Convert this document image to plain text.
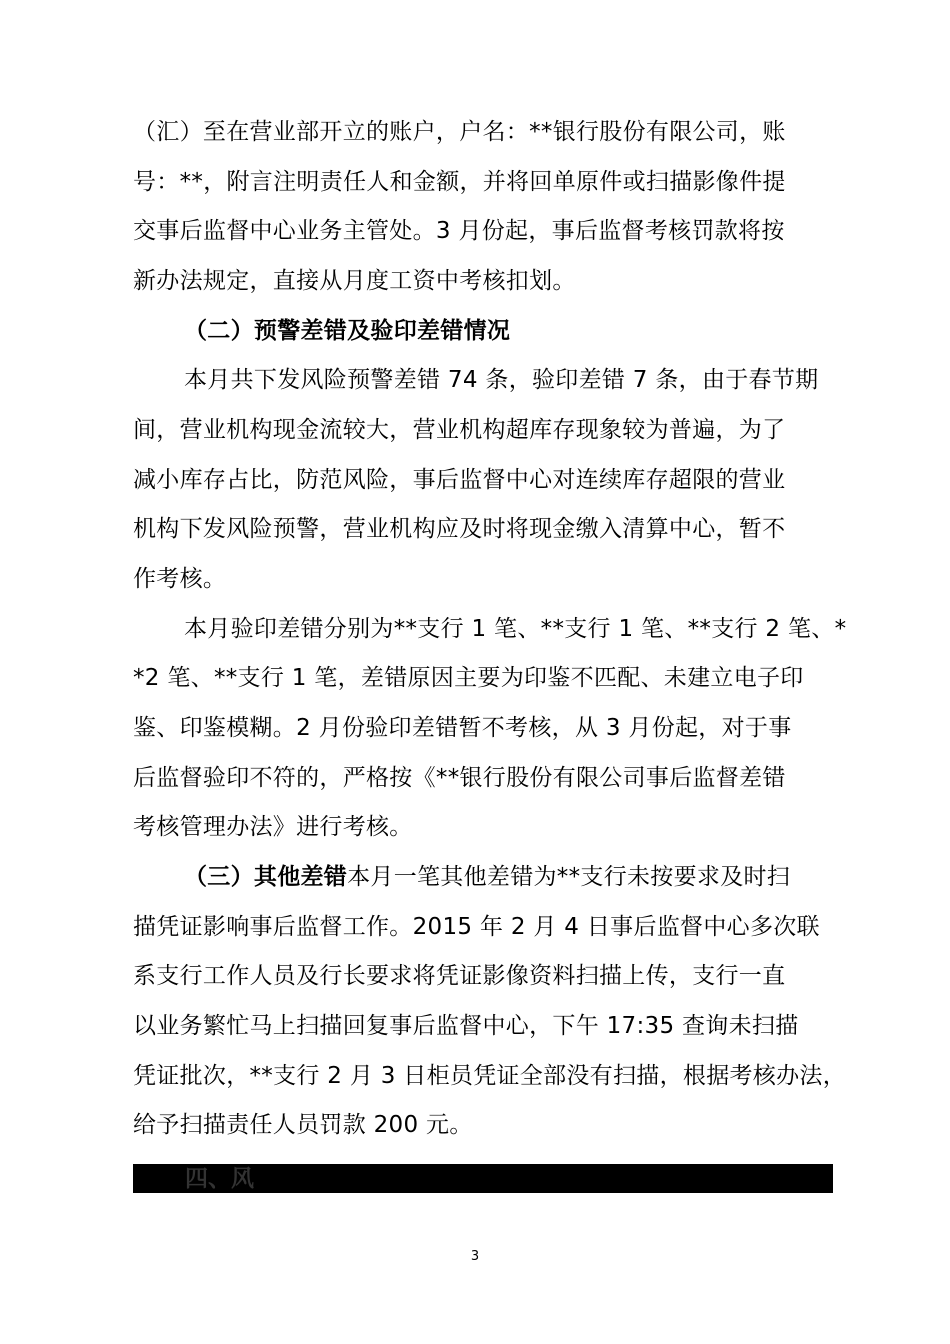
（汇）至在营业部开立的账户，户名：**银行股份有限公司，账
号：**，附言注明责任人和金额，并将回单原件或扫描影像件提
交事后监督中心业务主管处。3 月份起，事后监督考核罚款将按
新办法规定，直接从月度工资中考核扣划。
（二）预警差错及验印差错情况
本月共下发风险预警差错 74 条，验印差错 7 条，由于春节期
间，营业机构现金流较大，营业机构超库存现象较为普遍，为了
减小库存占比，防范风险，事后监督中心对连续库存超限的营业
机构下发风险预警，营业机构应及时将现金缴入清算中心，暂不
作考核。
本月验印差错分别为**支行 1 笔、**支行 1 笔、**支行 2 笔、*
*2 笔、**支行 1 笔，差错原因主要为印鉴不匹配、未建立电子印
鉴、印鉴模糊。2 月份验印差错暂不考核，从 3 月份起，对于事
后监督验印不符的，严格按《**银行股份有限公司事后监督差错
考核管理办法》进行考核。
（三）其他差错本月一笔其他差错为**支行未按要求及时扫
描凭证影响事后监督工作。2015 年 2 月 4 日事后监督中心多次联
系支行工作人员及行长要求将凭证影像资料扫描上传，支行一直
以业务繁忙马上扫描回复事后监督中心，下午 17:35 查询未扫描
凭证批次，**支行 2 月 3 日柜员凭证全部没有扫描，根据考核办法，
给予扫描责任人员罚款 200 元。
四、风
3
